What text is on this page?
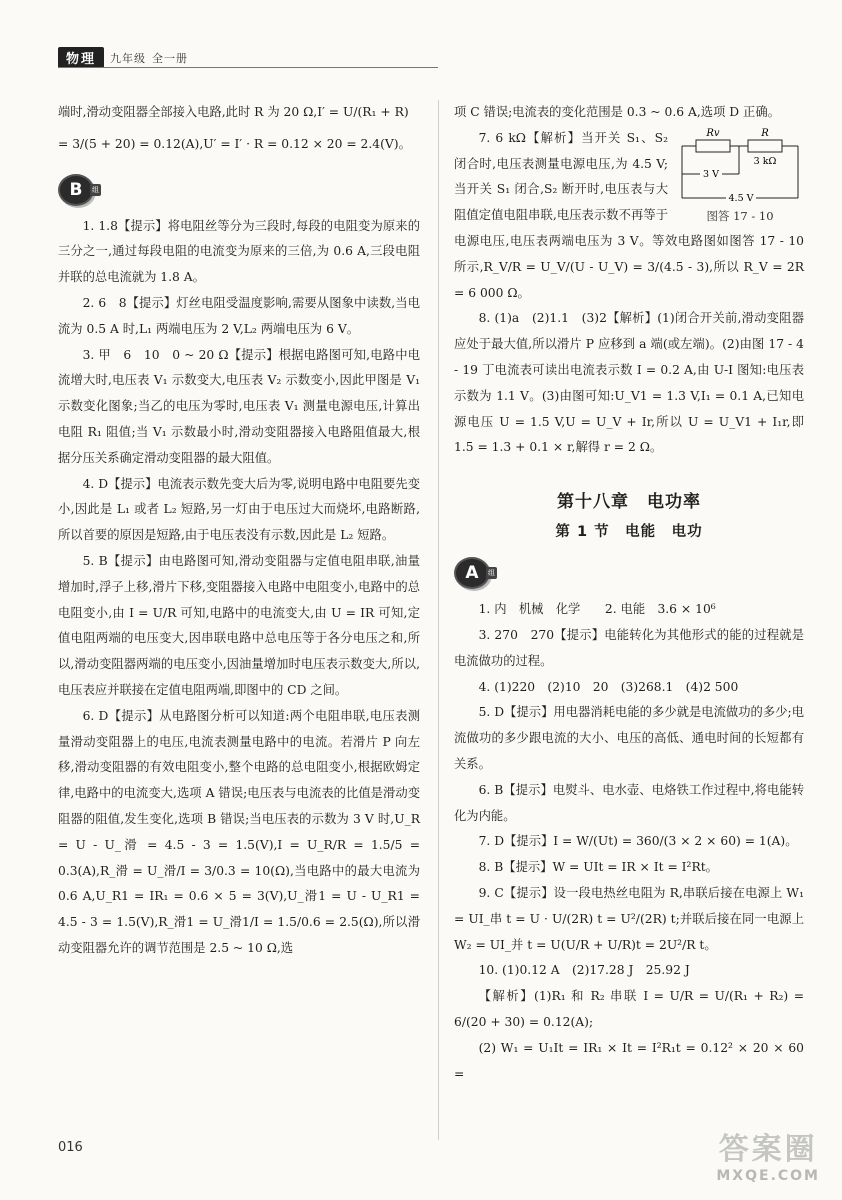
物理	九年级 全一册

端时,滑动变阻器全部接入电路,此时 R 为 20 Ω,I′ = U/(R₁ + R)

= 3/(5 + 20) = 0.12(A),U′ = I′ · R = 0.12 × 20 = 2.4(V)。

B	组

1. 1.8【提示】将电阻丝等分为三段时,每段的电阻变为原来的三分之一,通过每段电阻的电流变为原来的三倍,为 0.6 A,三段电阻并联的总电流就为 1.8 A。

2. 6　8【提示】灯丝电阻受温度影响,需要从图象中读数,当电流为 0.5 A 时,L₁ 两端电压为 2 V,L₂ 两端电压为 6 V。

3. 甲　6　10　0 ~ 20 Ω【提示】根据电路图可知,电路中电流增大时,电压表 V₁ 示数变大,电压表 V₂ 示数变小,因此甲图是 V₁ 示数变化图象;当乙的电压为零时,电压表 V₁ 测量电源电压,计算出电阻 R₁ 阻值;当 V₁ 示数最小时,滑动变阻器接入电路阻值最大,根据分压关系确定滑动变阻器的最大阻值。

4. D【提示】电流表示数先变大后为零,说明电路中电阻要先变小,因此是 L₁ 或者 L₂ 短路,另一灯由于电压过大而烧坏,电路断路,所以首要的原因是短路,由于电压表没有示数,因此是 L₂ 短路。

5. B【提示】由电路图可知,滑动变阻器与定值电阻串联,油量增加时,浮子上移,滑片下移,变阻器接入电路中电阻变小,电路中的总电阻变小,由 I = U/R 可知,电路中的电流变大,由 U = IR 可知,定值电阻两端的电压变大,因串联电路中总电压等于各分电压之和,所以,滑动变阻器两端的电压变小,因油量增加时电压表示数变大,所以,电压表应并联接在定值电阻两端,即图中的 CD 之间。

6. D【提示】从电路图分析可以知道:两个电阻串联,电压表测量滑动变阻器上的电压,电流表测量电路中的电流。若滑片 P 向左移,滑动变阻器的有效电阻变小,整个电路的总电阻变小,根据欧姆定律,电路中的电流变大,选项 A 错误;电压表与电流表的比值是滑动变阻器的阻值,发生变化,选项 B 错误;当电压表的示数为 3 V 时,U_R = U - U_滑 = 4.5 - 3 = 1.5(V),I = U_R/R = 1.5/5 = 0.3(A),R_滑 = U_滑/I = 3/0.3 = 10(Ω),当电路中的最大电流为 0.6 A,U_R1 = IR₁ = 0.6 × 5 = 3(V),U_滑1 = U - U_R1 = 4.5 - 3 = 1.5(V),R_滑1 = U_滑1/I = 1.5/0.6 = 2.5(Ω),所以滑动变阻器允许的调节范围是 2.5 ~ 10 Ω,选

项 C 错误;电流表的变化范围是 0.3 ~ 0.6 A,选项 D 正确。

Rv	R
3 kΩ
3 V
4.5 V
图答 17 - 10

7. 6 kΩ【解析】当开关 S₁、S₂ 闭合时,电压表测量电源电压,为 4.5 V;当开关 S₁ 闭合,S₂ 断开时,电压表与大阻值定值电阻串联,电压表示数不再等于电源电压,电压表两端电压为 3 V。等效电路图如图答 17 - 10 所示,R_V/R = U_V/(U - U_V) = 3/(4.5 - 3),所以 R_V = 2R = 6 000 Ω。

8. (1)a　(2)1.1　(3)2【解析】(1)闭合开关前,滑动变阻器应处于最大值,所以滑片 P 应移到 a 端(或左端)。(2)由图 17 - 4 - 19 丁电流表可读出电流表示数 I = 0.2 A,由 U-I 图知:电压表示数为 1.1 V。(3)由图可知:U_V1 = 1.3 V,I₁ = 0.1 A,已知电源电压 U = 1.5 V,U = U_V + Ir,所以 U = U_V1 + I₁r,即 1.5 = 1.3 + 0.1 × r,解得 r = 2 Ω。

第十八章　电功率
第 1 节　电能　电功
A	组

1. 内　机械　化学　　2. 电能　3.6 × 10⁶

3. 270　270【提示】电能转化为其他形式的能的过程就是电流做功的过程。

4. (1)220　(2)10　20　(3)268.1　(4)2 500

5. D【提示】用电器消耗电能的多少就是电流做功的多少;电流做功的多少跟电流的大小、电压的高低、通电时间的长短都有关系。

6. B【提示】电熨斗、电水壶、电烙铁工作过程中,将电能转化为内能。

7. D【提示】I = W/(Ut) = 360/(3 × 2 × 60) = 1(A)。

8. B【提示】W = UIt = IR × It = I²Rt。

9. C【提示】设一段电热丝电阻为 R,串联后接在电源上 W₁ = UI_串 t = U · U/(2R) t = U²/(2R) t;并联后接在同一电源上 W₂ = UI_并 t = U(U/R + U/R)t = 2U²/R t。

10. (1)0.12 A　(2)17.28 J　25.92 J

【解析】(1)R₁ 和 R₂ 串联 I = U/R = U/(R₁ + R₂) = 6/(20 + 30) = 0.12(A);

(2) W₁ = U₁It = IR₁ × It = I²R₁t = 0.12² × 20 × 60 =

016	答案圈
MXQE.COM
